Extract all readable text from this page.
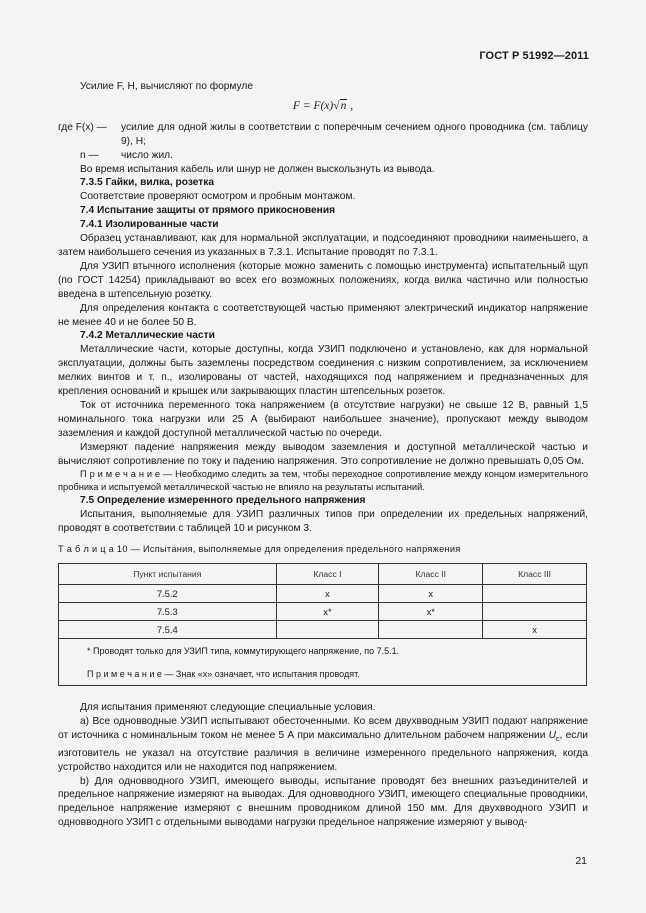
ГОСТ Р 51992—2011

Усилие F, Н, вычисляют по формуле

F = F(x)√n ,

где F(x) —	усилие для одной жилы в соответствии с поперечным сечением одного проводника (см. таблицу 9), Н;
n —	число жил.

Во время испытания кабель или шнур не должен выскользнуть из вывода.

7.3.5 Гайки, вилка, розетка

Соответствие проверяют осмотром и пробным монтажом.

7.4 Испытание защиты от прямого прикосновения

7.4.1 Изолированные части

Образец устанавливают, как для нормальной эксплуатации, и подсоединяют проводники наименьшего, а затем наибольшего сечения из указанных в 7.3.1. Испытание проводят по 7.3.1.

Для УЗИП втычного исполнения (которые можно заменить с помощью инструмента) испытательный щуп (по ГОСТ 14254) прикладывают во всех его возможных положениях, когда вилка частично или полностью введена в штепсельную розетку.

Для определения контакта с соответствующей частью применяют электрический индикатор напряжение не менее 40 и не более 50 В.

7.4.2 Металлические части

Металлические части, которые доступны, когда УЗИП подключено и установлено, как для нормальной эксплуатации, должны быть заземлены посредством соединения с низким сопротивлением, за исключением мелких винтов и т. п., изолированы от частей, находящихся под напряжением и предназначенных для крепления оснований и крышек или закрывающих пластин штепсельных розеток.

Ток от источника переменного тока напряжением (в отсутствие нагрузки) не свыше 12 В, равный 1,5 номинального тока нагрузки или 25 А (выбирают наибольшее значение), пропускают между выводом заземления и каждой доступной металлической частью по очереди.

Измеряют падение напряжения между выводом заземления и доступной металлической частью и вычисляют сопротивление по току и падению напряжения. Это сопротивление не должно превышать 0,05 Ом.

П р и м е ч а н и е — Необходимо следить за тем, чтобы переходное сопротивление между концом измерительного пробника и испытуемой металлической частью не влияло на результаты испытаний.

7.5 Определение измеренного предельного напряжения

Испытания, выполняемые для УЗИП различных типов при определении их предельных напряжений, проводят в соответствии с таблицей 10 и рисунком 3.

Т а б л и ц а 10 — Испытания, выполняемые для определения предельного напряжения
Пункт испытания	Класс I	Класс II	Класс III
7.5.2	x	x	
7.5.3	x*	x*	
7.5.4			x

* Проводят только для УЗИП типа, коммутирующего напряжение, по 7.5.1.

П р и м е ч а н и е — Знак «x» означает, что испытания проводят.			

Для испытания применяют следующие специальные условия.

а) Все одновводные УЗИП испытывают обесточенными. Ко всем двухвводным УЗИП подают напряжение от источника с номинальным током не менее 5 А при максимально длительном рабочем напряжении $U_c$, если изготовитель не указал на отсутствие различия в величине измеренного предельного напряжения, когда устройство находится или не находится под напряжением.

b) Для одновводного УЗИП, имеющего выводы, испытание проводят без внешних разъединителей и предельное напряжение измеряют на выводах. Для одновводного УЗИП, имеющего специальные проводники, предельное напряжение измеряют с внешним проводником длиной 150 мм. Для двухвводного УЗИП и одновводного УЗИП с отдельными выводами нагрузки предельное напряжение измеряют у вывод-

21
